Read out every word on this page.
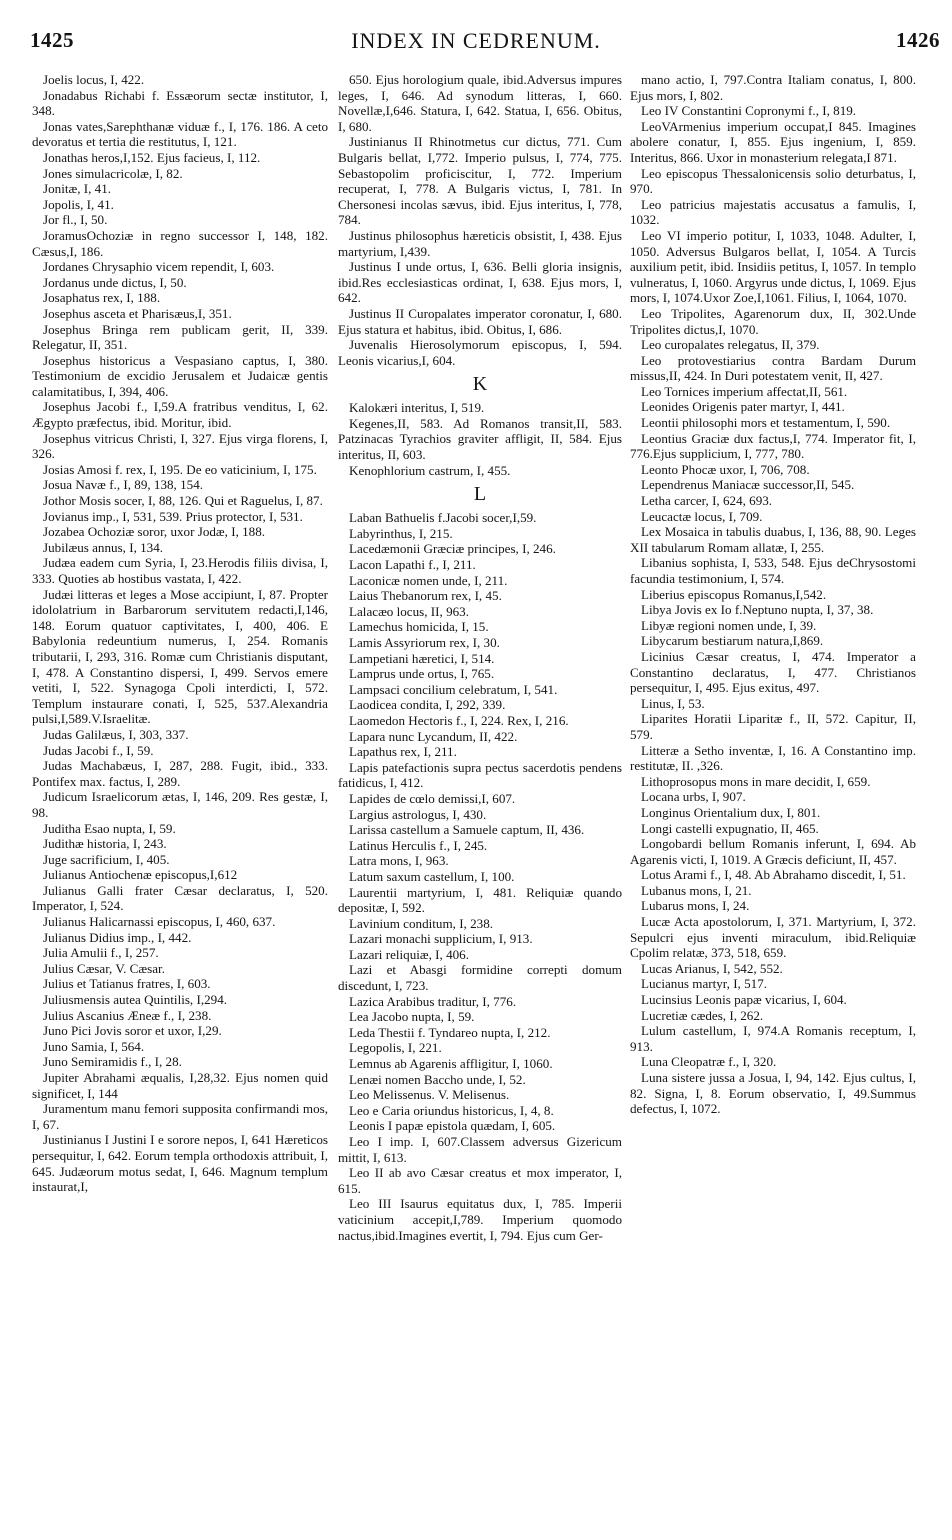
1425	INDEX IN CEDRENUM.	1426

Joelis locus, I, 422.

Jonadabus Richabi f. Essæorum sectæ institutor, I, 348.

Jonas vates,Sarephthanæ viduæ f., I, 176. 186. A ceto devoratus et tertia die restitutus, I, 121.

Jonathas heros,I,152. Ejus facieus, I, 112.

Jones simulacricolæ, I, 82.

Jonitæ, I, 41.

Jopolis, I, 41.

Jor fl., I, 50.

JoramusOchoziæ in regno successor I, 148, 182. Cæsus,I, 186.

Jordanes Chrysaphio vicem rependit, I, 603.

Jordanus unde dictus, I, 50.

Josaphatus rex, I, 188.

Josephus asceta et Pharisæus,I, 351.

Josephus Bringa rem publicam gerit, II, 339. Relegatur, II, 351.

Josephus historicus a Vespasiano captus, I, 380. Testimonium de excidio Jerusalem et Judaicæ gentis calamitatibus, I, 394, 406.

Josephus Jacobi f., I,59.A fratribus venditus, I, 62. Ægypto præfectus, ibid. Moritur, ibid.

Josephus vitricus Christi, I, 327. Ejus virga florens, I, 326.

Josias Amosi f. rex, I, 195. De eo vaticinium, I, 175.

Josua Navæ f., I, 89, 138, 154.

Jothor Mosis socer, I, 88, 126. Qui et Raguelus, I, 87.

Jovianus imp., I, 531, 539. Prius protector, I, 531.

Jozabea Ochoziæ soror, uxor Jodæ, I, 188.

Jubilæus annus, I, 134.

Judæa eadem cum Syria, I, 23.Herodis filiis divisa, I, 333. Quoties ab hostibus vastata, I, 422.

Judæi litteras et leges a Mose accipiunt, I, 87. Propter idololatrium in Barbarorum servitutem redacti,I,146, 148. Eorum quatuor captivitates, I, 400, 406. E Babylonia redeuntium numerus, I, 254. Romanis tributarii, I, 293, 316. Romæ cum Christianis disputant, I, 478. A Constantino dispersi, I, 499. Servos emere vetiti, I, 522. Synagoga Cpoli interdicti, I, 572. Templum instaurare conati, I, 525, 537.Alexandria pulsi,I,589.V.Israelitæ.

Judas Galilæus, I, 303, 337.

Judas Jacobi f., I, 59.

Judas Machabæus, I, 287, 288. Fugit, ibid., 333. Pontifex max. factus, I, 289.

Judicum Israelicorum ætas, I, 146, 209. Res gestæ, I, 98.

Juditha Esao nupta, I, 59.

Judithæ historia, I, 243.

Juge sacrificium, I, 405.

Julianus Antiochenæ episcopus,I,612

Julianus Galli frater Cæsar declaratus, I, 520. Imperator, I, 524.

Julianus Halicarnassi episcopus, I, 460, 637.

Julianus Didius imp., I, 442.

Julia Amulii f., I, 257.

Julius Cæsar, V. Cæsar.

Julius et Tatianus fratres, I, 603.

Juliusmensis autea Quintilis, I,294.

Julius Ascanius Æneæ f., I, 238.

Juno Pici Jovis soror et uxor, I,29.

Juno Samia, I, 564.

Juno Semiramidis f., I, 28.

Jupiter Abrahami æqualis, I,28,32. Ejus nomen quid significet, I, 144

Juramentum manu femori supposita confirmandi mos, I, 67.

Justinianus I Justini I e sorore nepos, I, 641 Hæreticos persequitur, I, 642. Eorum templa orthodoxis attribuit, I, 645. Judæorum motus sedat, I, 646. Magnum templum instaurat,I,

650. Ejus horologium quale, ibid.Adversus impures leges, I, 646. Ad synodum litteras, I, 660. Novellæ,I,646. Statura, I, 642. Statua, I, 656. Obitus, I, 680.

Justinianus II Rhinotmetus cur dictus, 771. Cum Bulgaris bellat, I,772. Imperio pulsus, I, 774, 775. Sebastopolim proficiscitur, I, 772. Imperium recuperat, I, 778. A Bulgaris victus, I, 781. In Chersonesi incolas sævus, ibid. Ejus interitus, I, 778, 784.

Justinus philosophus hæreticis obsistit, I, 438. Ejus martyrium, I,439.

Justinus I unde ortus, I, 636. Belli gloria insignis, ibid.Res ecclesiasticas ordinat, I, 638. Ejus mors, I, 642.

Justinus II Curopalates imperator coronatur, I, 680. Ejus statura et habitus, ibid. Obitus, I, 686.

Juvenalis Hierosolymorum episcopus, I, 594. Leonis vicarius,I, 604.

K

Kalokæri interitus, I, 519.

Kegenes,II, 583. Ad Romanos transit,II, 583. Patzinacas Tyrachios graviter affligit, II, 584. Ejus interitus, II, 603.

Kenophlorium castrum, I, 455.

L

Laban Bathuelis f.Jacobi socer,I,59.

Labyrinthus, I, 215.

Lacedæmonii Græciæ principes, I, 246.

Lacon Lapathi f., I, 211.

Laconicæ nomen unde, I, 211.

Laius Thebanorum rex, I, 45.

Lalacæo locus, II, 963.

Lamechus homicida, I, 15.

Lamis Assyriorum rex, I, 30.

Lampetiani hæretici, I, 514.

Lamprus unde ortus, I, 765.

Lampsaci concilium celebratum, I, 541.

Laodicea condita, I, 292, 339.

Laomedon Hectoris f., I, 224. Rex, I, 216.

Lapara nunc Lycandum, II, 422.

Lapathus rex, I, 211.

Lapis patefactionis supra pectus sacerdotis pendens fatidicus, I, 412.

Lapides de cœlo demissi,I, 607.

Largius astrologus, I, 430.

Larissa castellum a Samuele captum, II, 436.

Latinus Herculis f., I, 245.

Latra mons, I, 963.

Latum saxum castellum, I, 100.

Laurentii martyrium, I, 481. Reliquiæ quando depositæ, I, 592.

Lavinium conditum, I, 238.

Lazari monachi supplicium, I, 913.

Lazari reliquiæ, I, 406.

Lazi et Abasgi formidine correpti domum discedunt, I, 723.

Lazica Arabibus traditur, I, 776.

Lea Jacobo nupta, I, 59.

Leda Thestii f. Tyndareo nupta, I, 212.

Legopolis, I, 221.

Lemnus ab Agarenis affligitur, I, 1060.

Lenæi nomen Baccho unde, I, 52.

Leo Melissenus. V. Melisenus.

Leo e Caria oriundus historicus, I, 4, 8.

Leonis I papæ epistola quædam, I, 605.

Leo I imp. I, 607.Classem adversus Gizericum mittit, I, 613.

Leo II ab avo Cæsar creatus et mox imperator, I, 615.

Leo III Isaurus equitatus dux, I, 785. Imperii vaticinium accepit,I,789. Imperium quomodo nactus,ibid.Imagines evertit, I, 794. Ejus cum Ger-

mano actio, I, 797.Contra Italiam conatus, I, 800. Ejus mors, I, 802.

Leo IV Constantini Copronymi f., I, 819.

LeoVArmenius imperium occupat,I 845. Imagines abolere conatur, I, 855. Ejus ingenium, I, 859. Interitus, 866. Uxor in monasterium relegata,I 871.

Leo episcopus Thessalonicensis solio deturbatus, I, 970.

Leo patricius majestatis accusatus a famulis, I, 1032.

Leo VI imperio potitur, I, 1033, 1048. Adulter, I, 1050. Adversus Bulgaros bellat, I, 1054. A Turcis auxilium petit, ibid. Insidiis petitus, I, 1057. In templo vulneratus, I, 1060. Argyrus unde dictus, I, 1069. Ejus mors, I, 1074.Uxor Zoe,I,1061. Filius, I, 1064, 1070.

Leo Tripolites, Agarenorum dux, II, 302.Unde Tripolites dictus,I, 1070.

Leo curopalates relegatus, II, 379.

Leo protovestiarius contra Bardam Durum missus,II, 424. In Duri potestatem venit, II, 427.

Leo Tornices imperium affectat,II, 561.

Leonides Origenis pater martyr, I, 441.

Leontii philosophi mors et testamentum, I, 590.

Leontius Graciæ dux factus,I, 774. Imperator fit, I, 776.Ejus supplicium, I, 777, 780.

Leonto Phocæ uxor, I, 706, 708.

Lependrenus Maniacæ successor,II, 545.

Letha carcer, I, 624, 693.

Leucactæ locus, I, 709.

Lex Mosaica in tabulis duabus, I, 136, 88, 90. Leges XII tabularum Romam allatæ, I, 255.

Libanius sophista, I, 533, 548. Ejus deChrysostomi facundia testimonium, I, 574.

Liberius episcopus Romanus,I,542.

Libya Jovis ex Io f.Neptuno nupta, I, 37, 38.

Libyæ regioni nomen unde, I, 39.

Libycarum bestiarum natura,I,869.

Licinius Cæsar creatus, I, 474. Imperator a Constantino declaratus, I, 477. Christianos persequitur, I, 495. Ejus exitus, 497.

Linus, I, 53.

Liparites Horatii Liparitæ f., II, 572. Capitur, II, 579.

Litteræ a Setho inventæ, I, 16. A Constantino imp. restitutæ, II. ,326.

Lithoprosopus mons in mare decidit, I, 659.

Locana urbs, I, 907.

Longinus Orientalium dux, I, 801.

Longi castelli expugnatio, II, 465.

Longobardi bellum Romanis inferunt, I, 694. Ab Agarenis victi, I, 1019. A Græcis deficiunt, II, 457.

Lotus Arami f., I, 48. Ab Abrahamo discedit, I, 51.

Lubanus mons, I, 21.

Lubarus mons, I, 24.

Lucæ Acta apostolorum, I, 371. Martyrium, I, 372. Sepulcri ejus inventi miraculum, ibid.Reliquiæ Cpolim relatæ, 373, 518, 659.

Lucas Arianus, I, 542, 552.

Lucianus martyr, I, 517.

Lucinsius Leonis papæ vicarius, I, 604.

Lucretiæ cædes, I, 262.

Lulum castellum, I, 974.A Romanis receptum, I, 913.

Luna Cleopatræ f., I, 320.

Luna sistere jussa a Josua, I, 94, 142. Ejus cultus, I, 82. Signa, I, 8. Eorum observatio, I, 49.Summus defectus, I, 1072.
